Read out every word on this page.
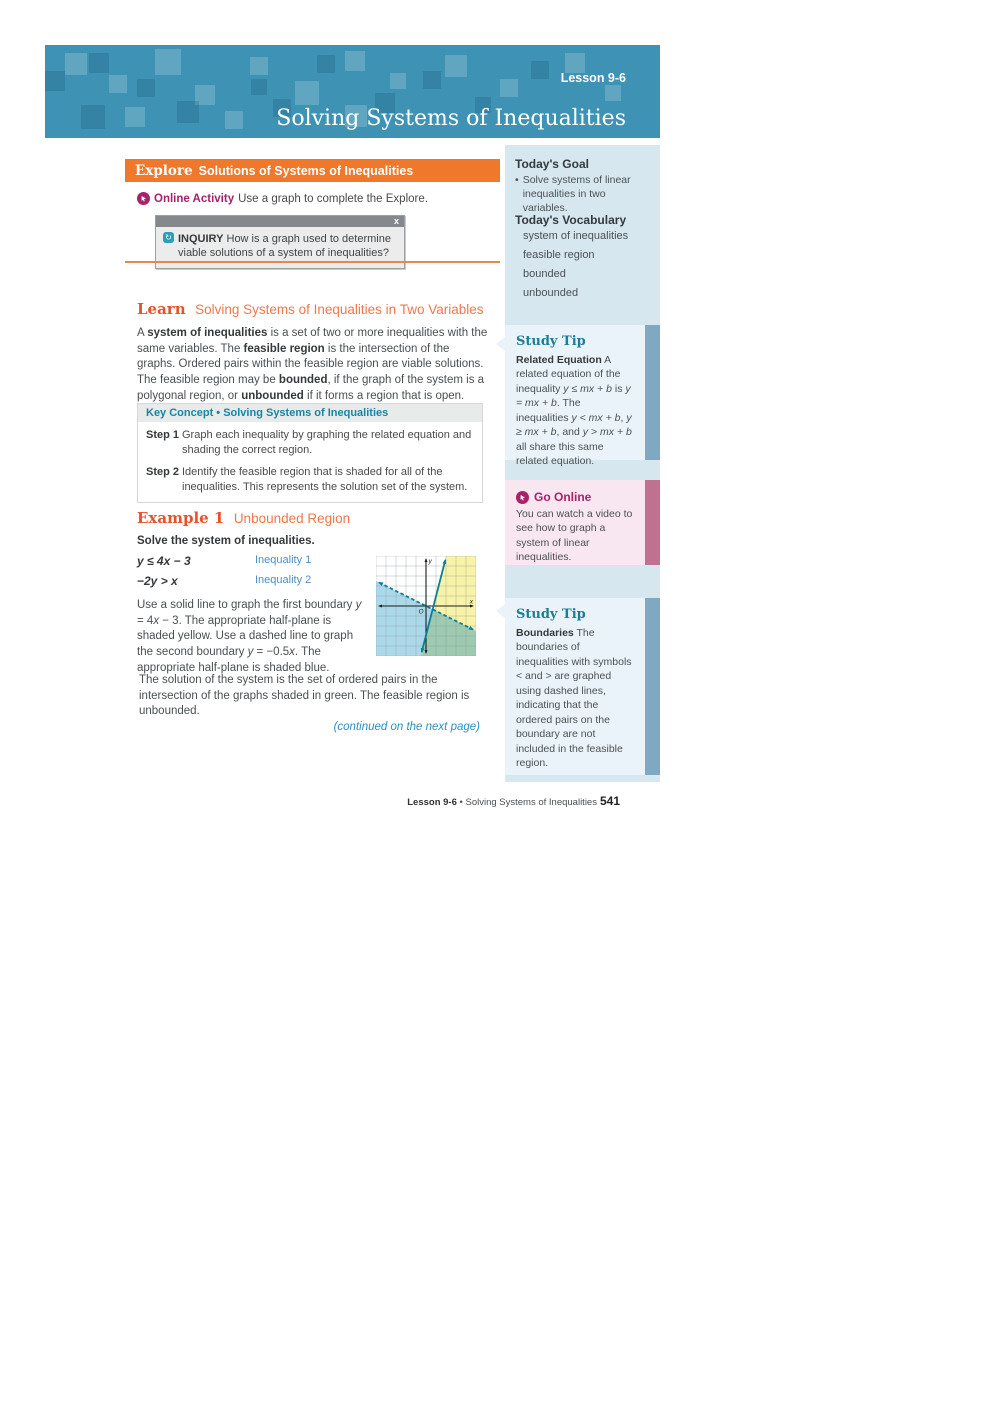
Lesson 9-6
Solving Systems of Inequalities
Explore Solutions of Systems of Inequalities
Online Activity Use a graph to complete the Explore.
x
↻ INQUIRY How is a graph used to determine viable solutions of a system of inequalities?
Learn Solving Systems of Inequalities in Two Variables
A system of inequalities is a set of two or more inequalities with the same variables. The feasible region is the intersection of the graphs. Ordered pairs within the feasible region are viable solutions. The feasible region may be bounded, if the graph of the system is a polygonal region, or unbounded if it forms a region that is open.
Key Concept • Solving Systems of Inequalities
Step 1 Graph each inequality by graphing the related equation and shading the correct region.
Step 2 Identify the feasible region that is shaded for all of the inequalities. This represents the solution set of the system.
Example 1 Unbounded Region
Solve the system of inequalities.
y ≤ 4x − 3	Inequality 1
−2y > x	Inequality 2
O
y
x
Use a solid line to graph the first boundary y = 4x − 3. The appropriate half-plane is shaded yellow. Use a dashed line to graph the second boundary y = −0.5x. The appropriate half-plane is shaded blue.
The solution of the system is the set of ordered pairs in the intersection of the graphs shaded in green. The feasible region is unbounded.
(continued on the next page)
Today's Goal
• Solve systems of linear inequalities in two variables.
Today's Vocabulary
system of inequalities
feasible region
bounded
unbounded
Study Tip
Related Equation A related equation of the inequality y ≤ mx + b is y = mx + b. The inequalities y < mx + b, y ≥ mx + b, and y > mx + b all share this same related equation.
Go Online
You can watch a video to see how to graph a system of linear inequalities.
Study Tip
Boundaries The boundaries of inequalities with symbols < and > are graphed using dashed lines, indicating that the ordered pairs on the boundary are not included in the feasible region.
Lesson 9-6 • Solving Systems of Inequalities 541
